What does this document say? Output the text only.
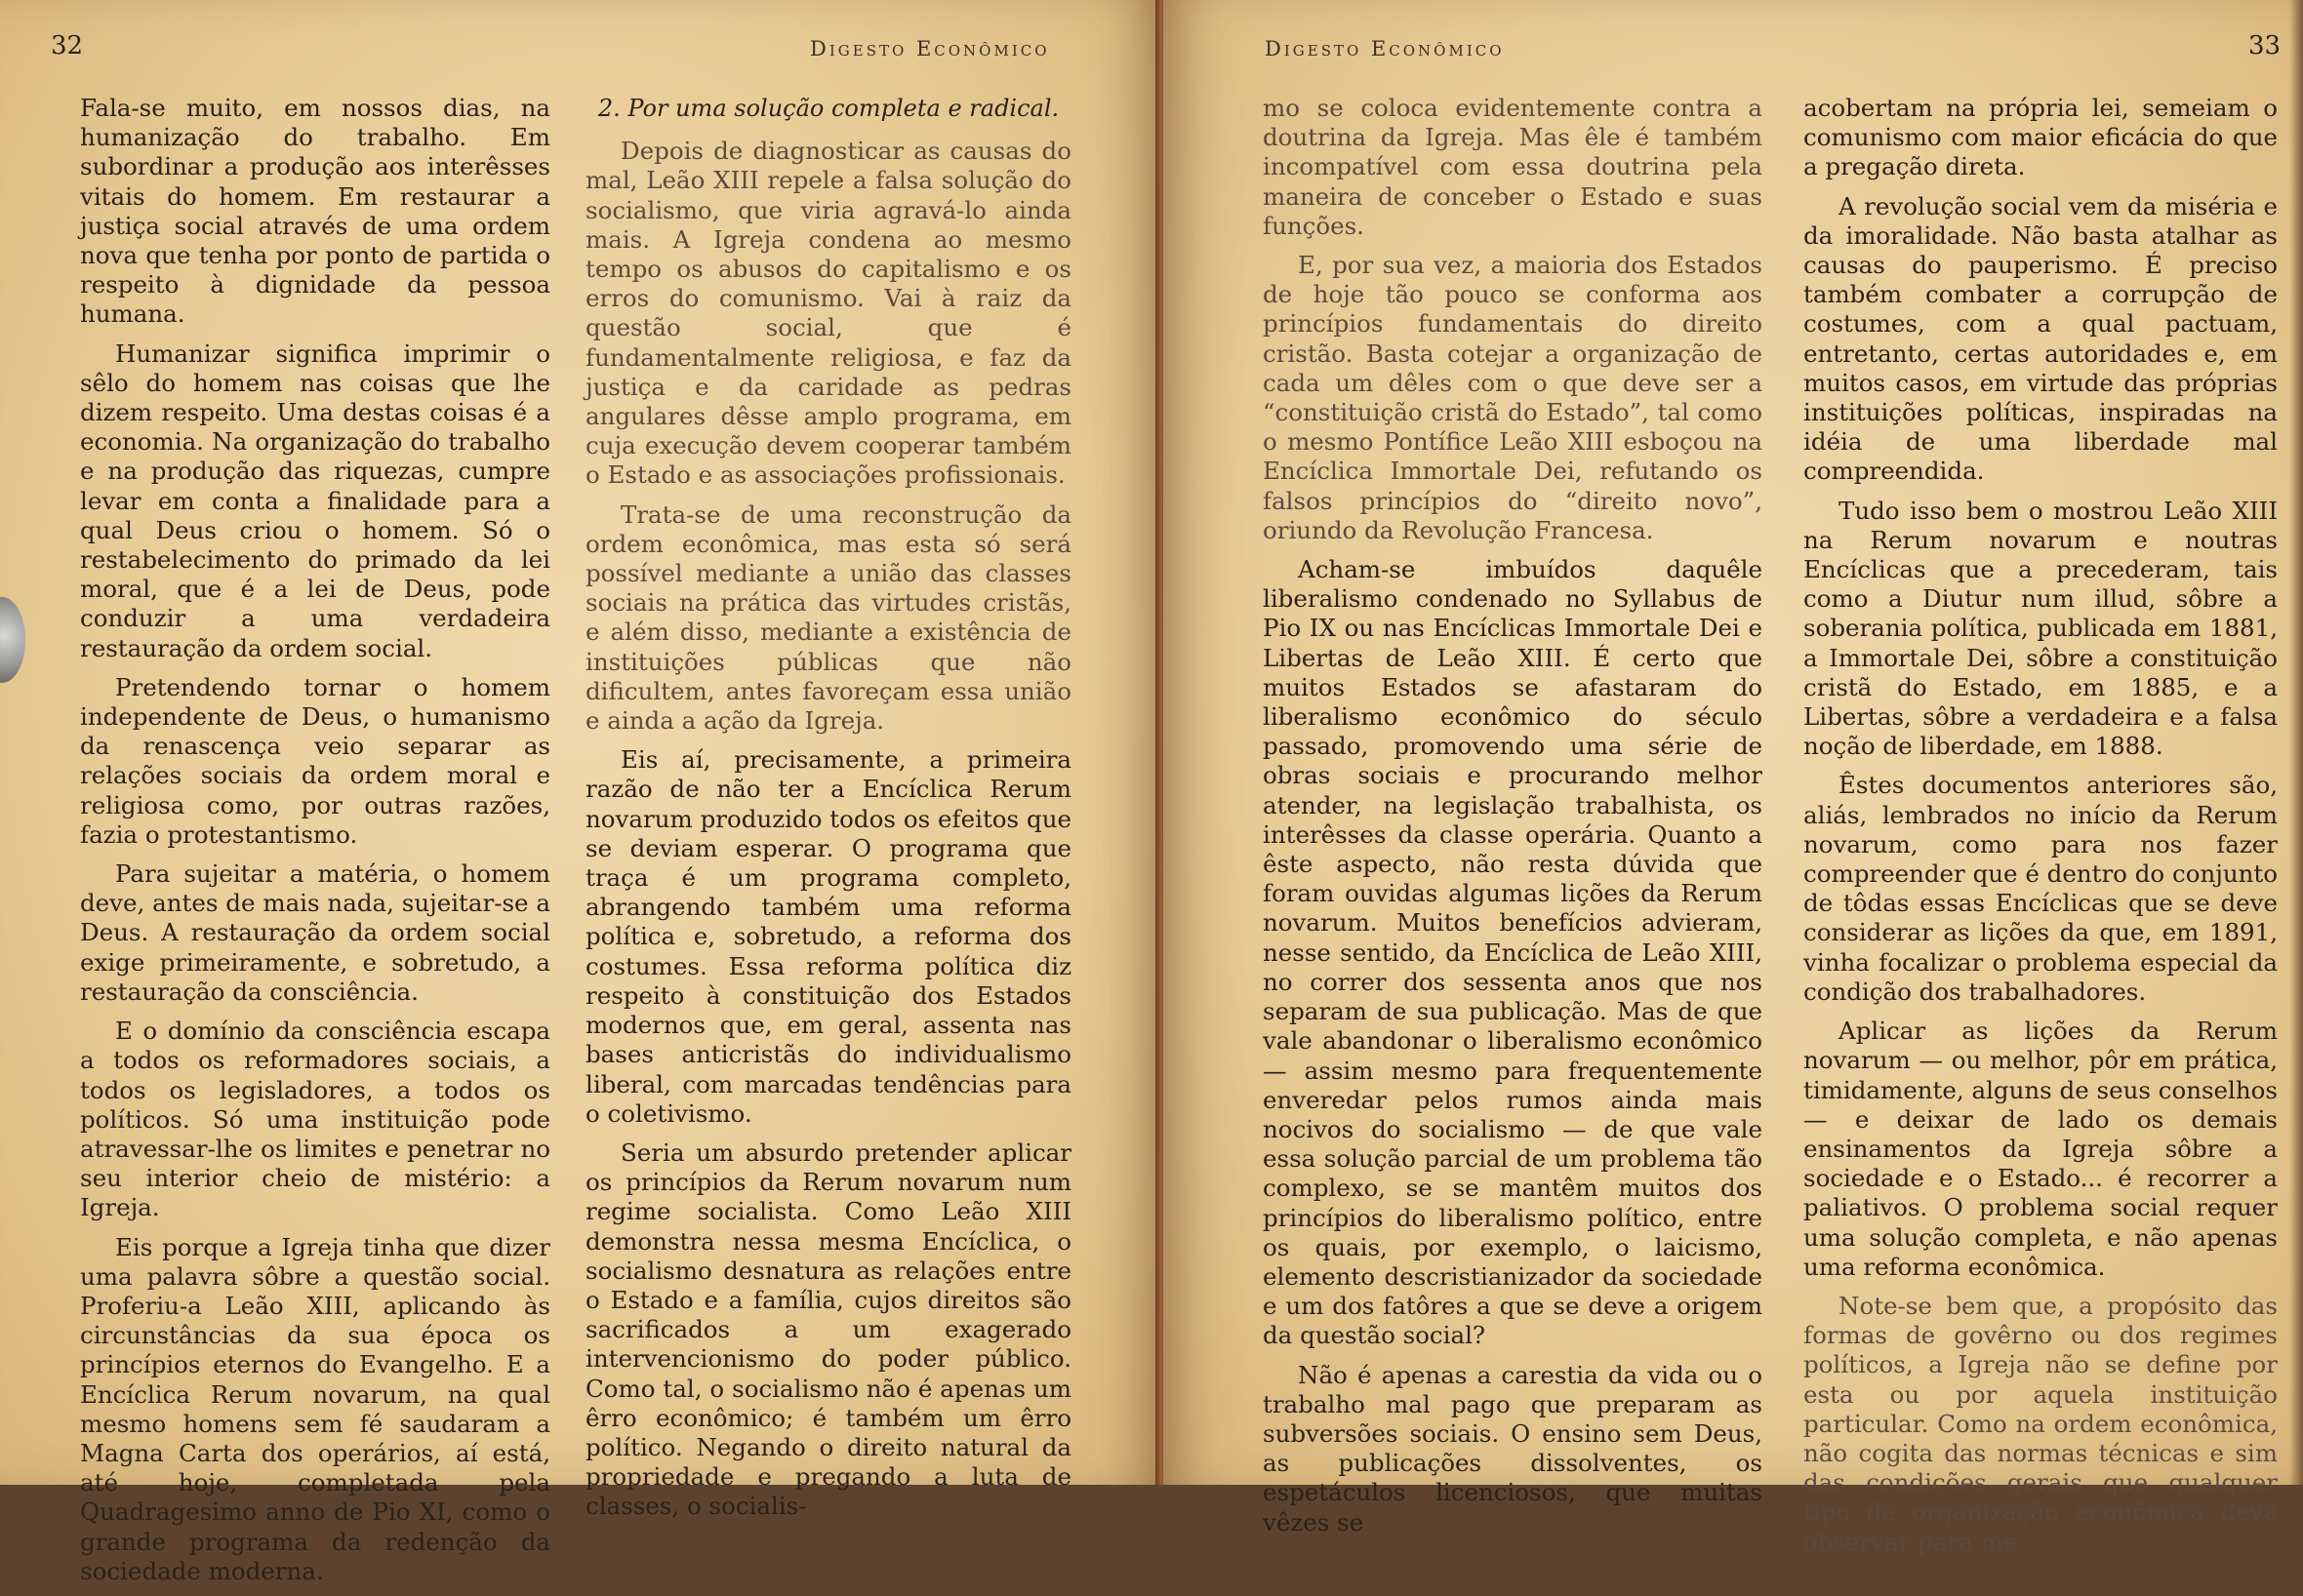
32	Digesto Econômico

Fala-se muito, em nossos dias, na humanização do trabalho. Em subordinar a produção aos interêsses vitais do homem. Em restaurar a justiça social através de uma ordem nova que tenha por ponto de partida o respeito à dignidade da pessoa humana.

Humanizar significa imprimir o sêlo do homem nas coisas que lhe dizem respeito. Uma destas coisas é a economia. Na organização do trabalho e na produção das riquezas, cumpre levar em conta a finalidade para a qual Deus criou o homem. Só o restabelecimento do primado da lei moral, que é a lei de Deus, pode conduzir a uma verdadeira restauração da ordem social.

Pretendendo tornar o homem independente de Deus, o humanismo da renascença veio separar as relações sociais da ordem moral e religiosa como, por outras razões, fazia o protestantismo.

Para sujeitar a matéria, o homem deve, antes de mais nada, sujeitar-se a Deus. A restauração da ordem social exige primeiramente, e sobretudo, a restauração da consciência.

E o domínio da consciência escapa a todos os reformadores sociais, a todos os legisladores, a todos os políticos. Só uma instituição pode atravessar-lhe os limites e penetrar no seu interior cheio de mistério: a Igreja.

Eis porque a Igreja tinha que dizer uma palavra sôbre a questão social. Proferiu-a Leão XIII, aplicando às circunstâncias da sua época os princípios eternos do Evangelho. E a Encíclica Rerum novarum, na qual mesmo homens sem fé saudaram a Magna Carta dos operários, aí está, até hoje, completada pela Quadragesimo anno de Pio XI, como o grande programa da redenção da sociedade moderna.

2. Por uma solução completa e radical.

Depois de diagnosticar as causas do mal, Leão XIII repele a falsa solução do socialismo, que viria agravá-lo ainda mais. A Igreja condena ao mesmo tempo os abusos do capitalismo e os erros do comunismo. Vai à raiz da questão social, que é fundamentalmente religiosa, e faz da justiça e da caridade as pedras angulares dêsse amplo programa, em cuja execução devem cooperar também o Estado e as associações profissionais.

Trata-se de uma reconstrução da ordem econômica, mas esta só será possível mediante a união das classes sociais na prática das virtudes cristãs, e além disso, mediante a existência de instituições públicas que não dificultem, antes favoreçam essa união e ainda a ação da Igreja.

Eis aí, precisamente, a primeira razão de não ter a Encíclica Rerum novarum produzido todos os efeitos que se deviam esperar. O programa que traça é um programa completo, abrangendo também uma reforma política e, sobretudo, a reforma dos costumes. Essa reforma política diz respeito à constituição dos Estados modernos que, em geral, assenta nas bases anticristãs do individualismo liberal, com marcadas tendências para o coletivismo.

Seria um absurdo pretender aplicar os princípios da Rerum novarum num regime socialista. Como Leão XIII demonstra nessa mesma Encíclica, o socialismo desnatura as relações entre o Estado e a família, cujos direitos são sacrificados a um exagerado intervencionismo do poder público. Como tal, o socialismo não é apenas um êrro econômico; é também um êrro político. Negando o direito natural da propriedade e pregando a luta de classes, o socialis-

Digesto Econômico	33

mo se coloca evidentemente contra a doutrina da Igreja. Mas êle é também incompatível com essa doutrina pela maneira de conceber o Estado e suas funções.

E, por sua vez, a maioria dos Estados de hoje tão pouco se conforma aos princípios fundamentais do direito cristão. Basta cotejar a organização de cada um dêles com o que deve ser a “constituição cristã do Estado”, tal como o mesmo Pontífice Leão XIII esboçou na Encíclica Immortale Dei, refutando os falsos princípios do “direito novo”, oriundo da Revolução Francesa.

Acham-se imbuídos daquêle liberalismo condenado no Syllabus de Pio IX ou nas Encíclicas Immortale Dei e Libertas de Leão XIII. É certo que muitos Estados se afastaram do liberalismo econômico do século passado, promovendo uma série de obras sociais e procurando melhor atender, na legislação trabalhista, os interêsses da classe operária. Quanto a êste aspecto, não resta dúvida que foram ouvidas algumas lições da Rerum novarum. Muitos benefícios advieram, nesse sentido, da Encíclica de Leão XIII, no correr dos sessenta anos que nos separam de sua publicação. Mas de que vale abandonar o liberalismo econômico — assim mesmo para frequentemente enveredar pelos rumos ainda mais nocivos do socialismo — de que vale essa solução parcial de um problema tão complexo, se se mantêm muitos dos princípios do liberalismo político, entre os quais, por exemplo, o laicismo, elemento descristianizador da sociedade e um dos fatôres a que se deve a origem da questão social?

Não é apenas a carestia da vida ou o trabalho mal pago que preparam as subversões sociais. O ensino sem Deus, as publicações dissolventes, os espetáculos licenciosos, que muitas vêzes se

acobertam na própria lei, semeiam o comunismo com maior eficácia do que a pregação direta.

A revolução social vem da miséria e da imoralidade. Não basta atalhar as causas do pauperismo. É preciso também combater a corrupção de costumes, com a qual pactuam, entretanto, certas autoridades e, em muitos casos, em virtude das próprias instituições políticas, inspiradas na idéia de uma liberdade mal compreendida.

Tudo isso bem o mostrou Leão XIII na Rerum novarum e noutras Encíclicas que a precederam, tais como a Diutur num illud, sôbre a soberania política, publicada em 1881, a Immortale Dei, sôbre a constituição cristã do Estado, em 1885, e a Libertas, sôbre a verdadeira e a falsa noção de liberdade, em 1888.

Êstes documentos anteriores são, aliás, lembrados no início da Rerum novarum, como para nos fazer compreender que é dentro do conjunto de tôdas essas Encíclicas que se deve considerar as lições da que, em 1891, vinha focalizar o problema especial da condição dos trabalhadores.

Aplicar as lições da Rerum novarum — ou melhor, pôr em prática, timidamente, alguns de seus conselhos — e deixar de lado os demais ensinamentos da Igreja sôbre a sociedade e o Estado... é recorrer a paliativos. O problema social requer uma solução completa, e não apenas uma reforma econômica.

Note-se bem que, a propósito das formas de govêrno ou dos regimes políticos, a Igreja não se define por esta ou por aquela instituição particular. Como na ordem econômica, não cogita das normas técnicas e sim das condições gerais que qualquer tipo de organização econômica deve observar para me-
